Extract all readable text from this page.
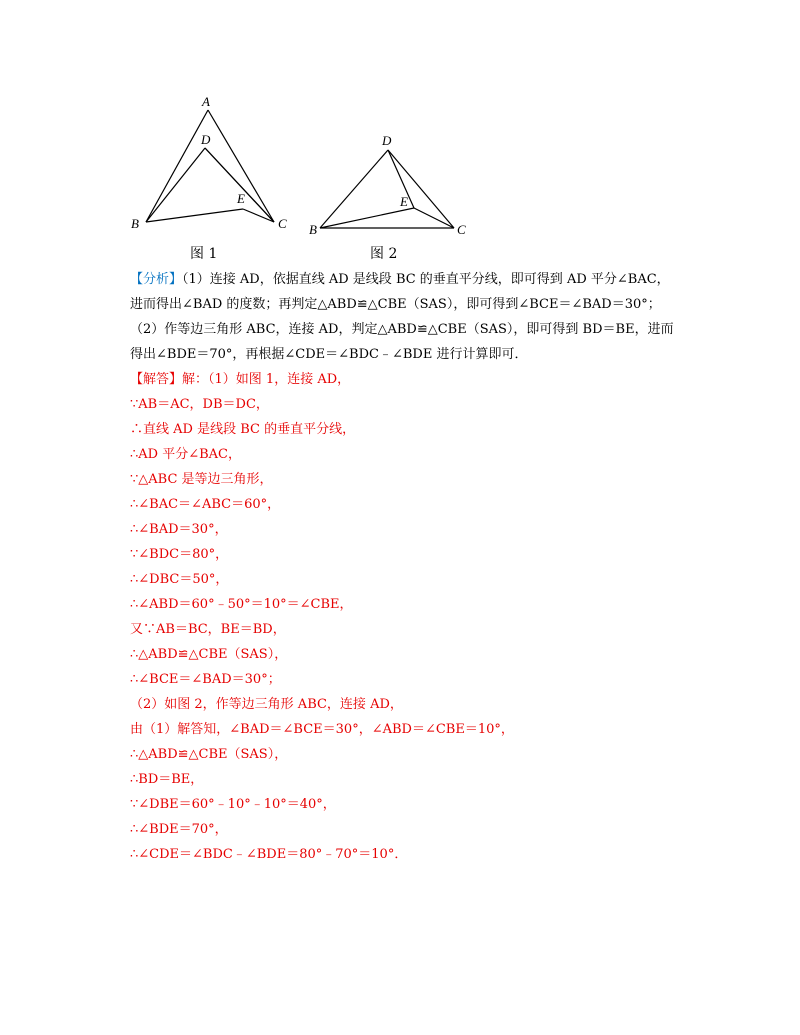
A
D
E
B	C
D
E
B	C
图 1	图 2
【分析】（1）连接 AD，依据直线 AD 是线段 BC 的垂直平分线，即可得到 AD 平分∠BAC，
进而得出∠BAD 的度数；再判定△ABD≌△CBE（SAS），即可得到∠BCE＝∠BAD＝30°；
（2）作等边三角形 ABC，连接 AD，判定△ABD≌△CBE（SAS），即可得到 BD＝BE，进而
得出∠BDE＝70°，再根据∠CDE＝∠BDC﹣∠BDE 进行计算即可．
【解答】解：（1）如图 1，连接 AD，
∵AB＝AC，DB＝DC，
∴直线 AD 是线段 BC 的垂直平分线，
∴AD 平分∠BAC，
∵△ABC 是等边三角形，
∴∠BAC＝∠ABC＝60°，
∴∠BAD＝30°，
∵∠BDC＝80°，
∴∠DBC＝50°，
∴∠ABD＝60°﹣50°＝10°＝∠CBE，
又∵AB＝BC，BE＝BD，
∴△ABD≌△CBE（SAS），
∴∠BCE＝∠BAD＝30°；
（2）如图 2，作等边三角形 ABC，连接 AD，
由（1）解答知，∠BAD＝∠BCE＝30°，∠ABD＝∠CBE＝10°，
∴△ABD≌△CBE（SAS），
∴BD＝BE，
∵∠DBE＝60°﹣10°﹣10°＝40°，
∴∠BDE＝70°，
∴∠CDE＝∠BDC﹣∠BDE＝80°﹣70°＝10°．
